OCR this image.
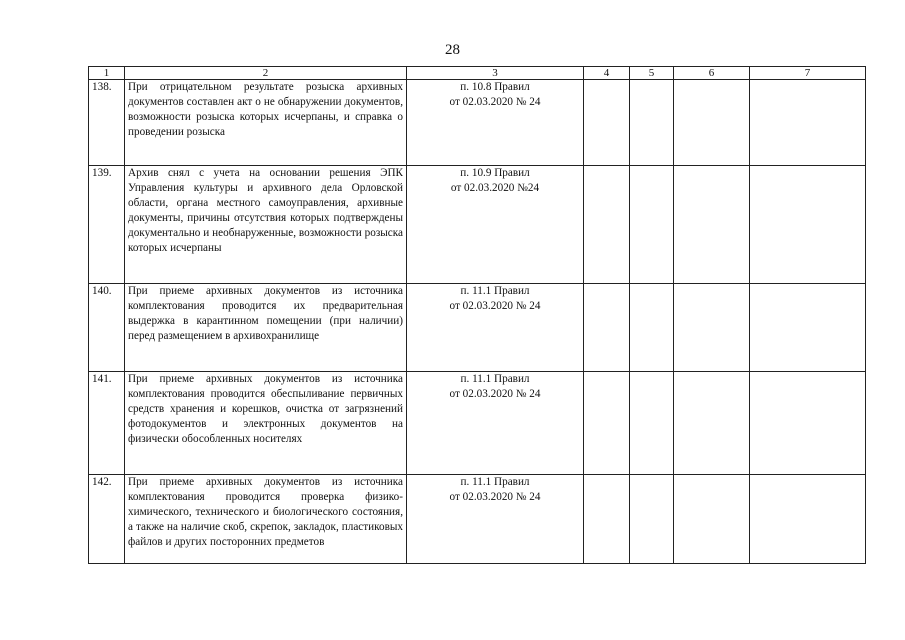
28
1	2	3	4	5	6	7
138.	При отрицательном результате розыска архивных документов составлен акт о не обнаружении документов, возможности розыска которых исчерпаны, и справка о проведении розыска	п. 10.8 Правил
от 02.03.2020 № 24				
139.	Архив снял с учета на основании решения ЭПК Управления культуры и архивного дела Орловской области, органа местного самоуправления, архивные документы, причины отсутствия которых подтверждены документально и необнаруженные, возможности розыска которых исчерпаны	п. 10.9 Правил
от 02.03.2020 №24				
140.	При приеме архивных документов из источника комплектования проводится их предварительная выдержка в карантинном помещении (при наличии) перед размещением в архивохранилище	п. 11.1 Правил
от 02.03.2020 № 24				
141.	При приеме архивных документов из источника комплектования проводится обеспыливание первичных средств хранения и корешков, очистка от загрязнений фотодокументов и электронных документов на физически обособленных носителях	п. 11.1 Правил
от 02.03.2020 № 24				
142.	При приеме архивных документов из источника комплектования проводится проверка физико-химического, технического и биологического состояния, а также на наличие скоб, скрепок, закладок, пластиковых файлов и других посторонних предметов	п. 11.1 Правил
от 02.03.2020 № 24				
